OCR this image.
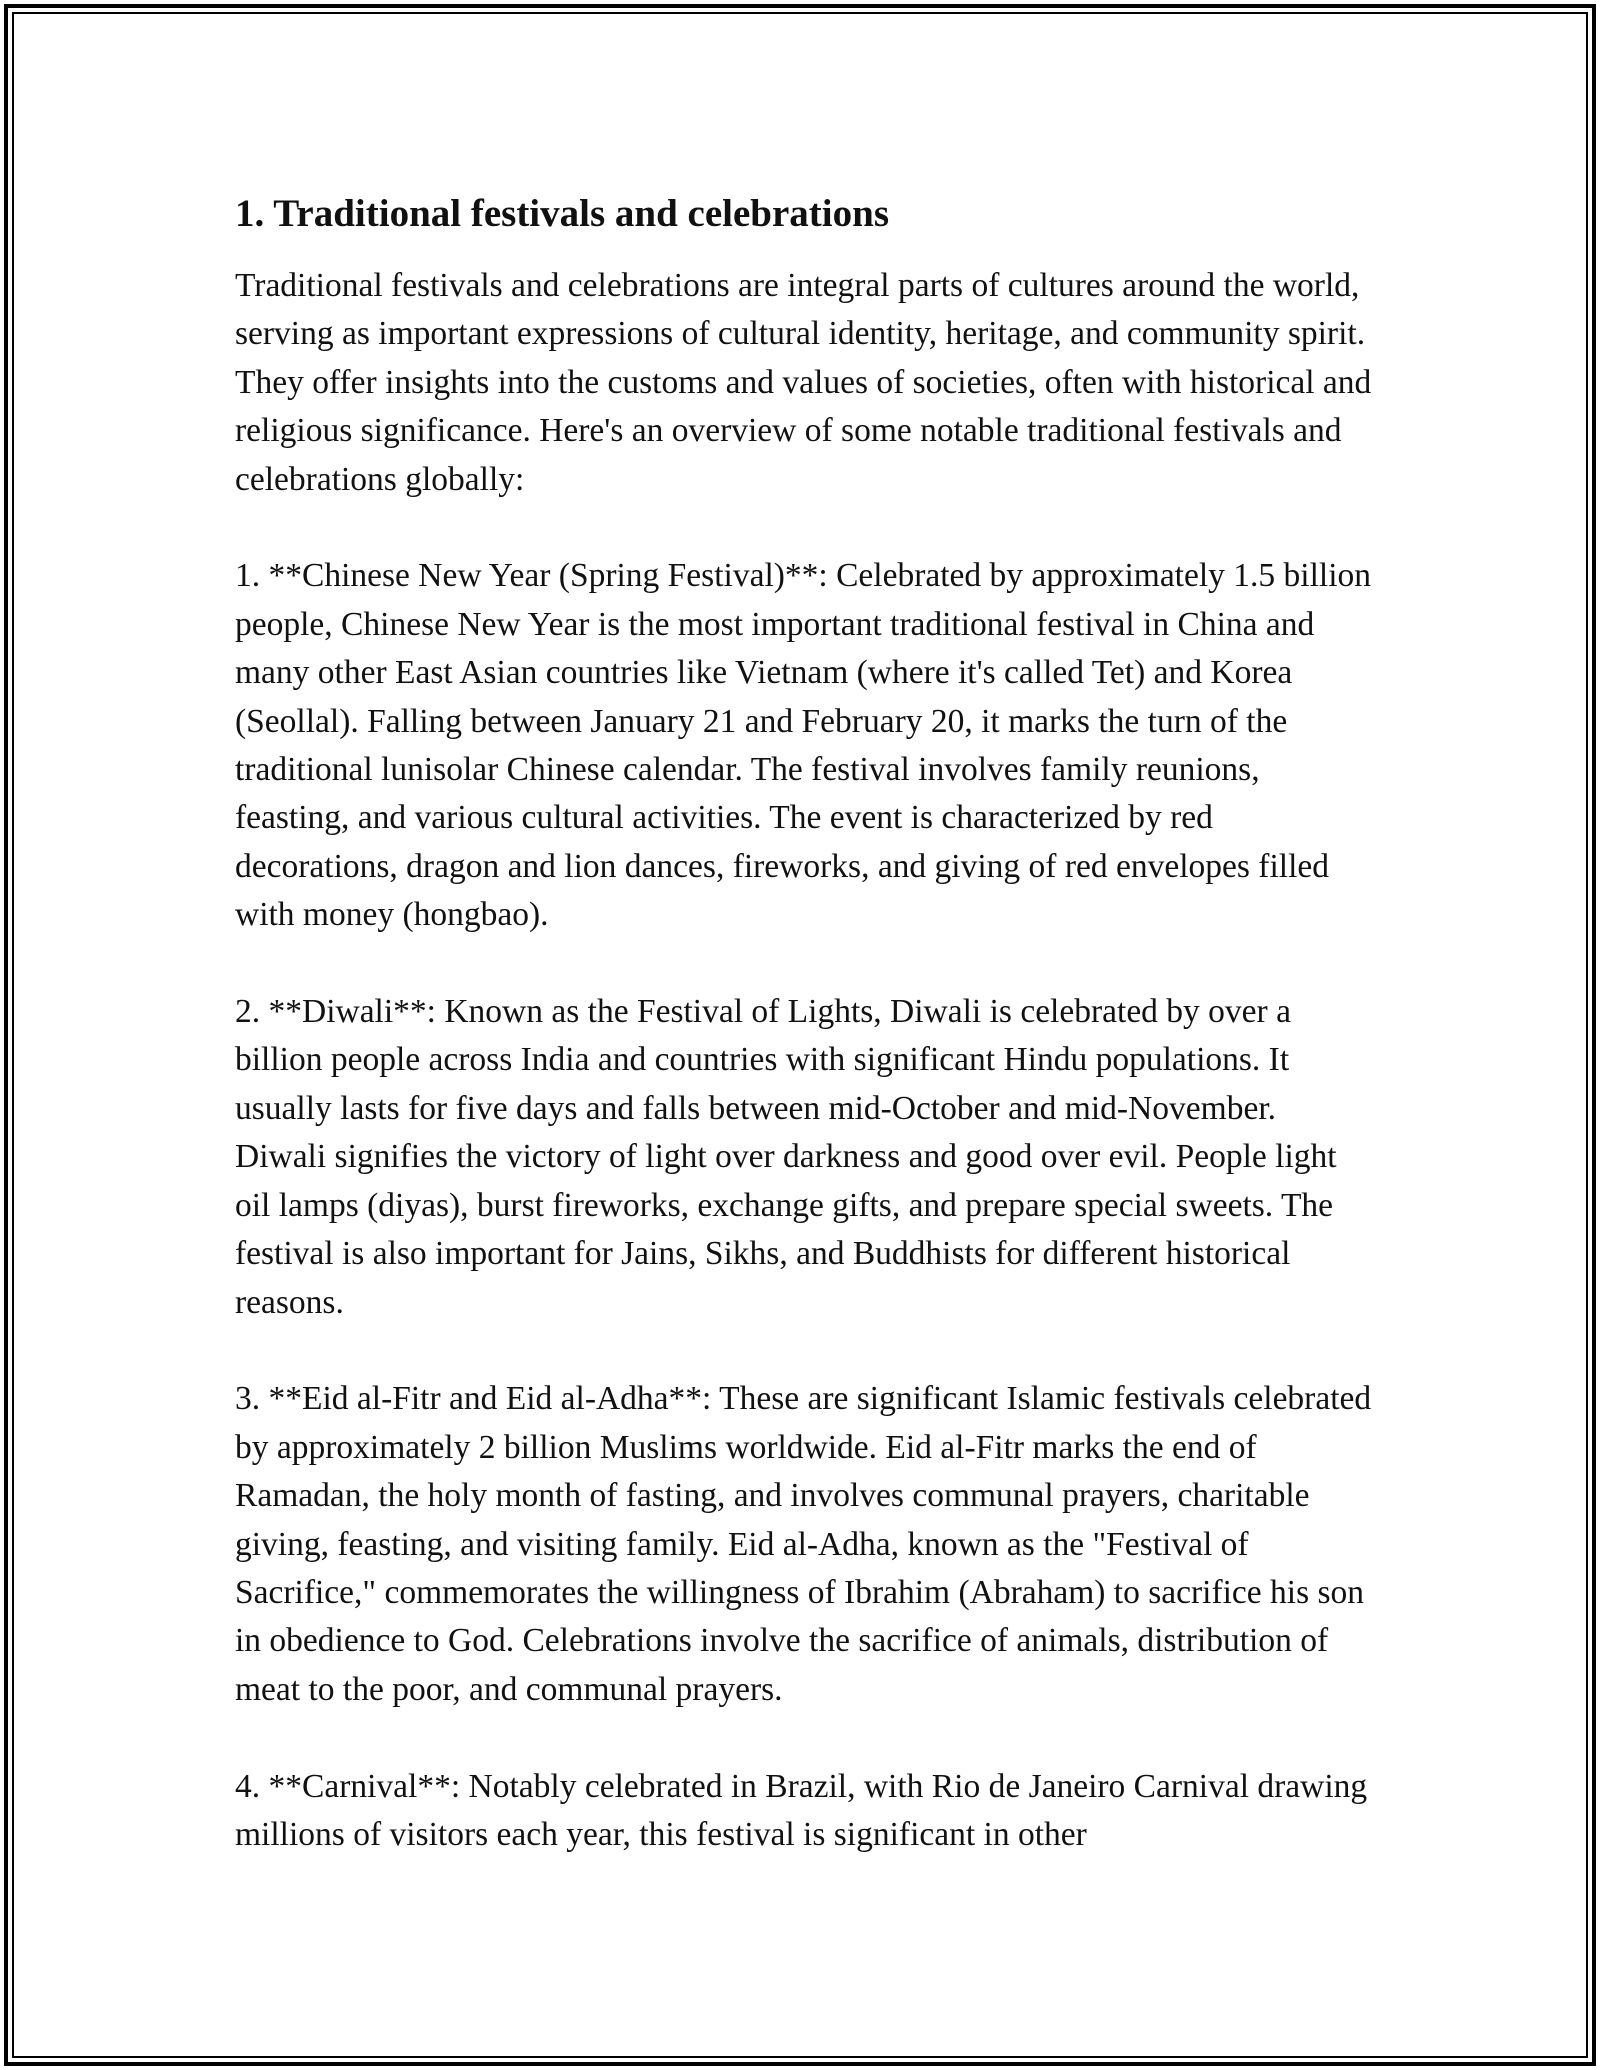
1. Traditional festivals and celebrations

Traditional festivals and celebrations are integral parts of cultures around the world, serving as important expressions of cultural identity, heritage, and community spirit. They offer insights into the customs and values of societies, often with historical and religious significance. Here's an overview of some notable traditional festivals and celebrations globally:

1. **Chinese New Year (Spring Festival)**: Celebrated by approximately 1.5 billion people, Chinese New Year is the most important traditional festival in China and many other East Asian countries like Vietnam (where it's called Tet) and Korea (Seollal). Falling between January 21 and February 20, it marks the turn of the traditional lunisolar Chinese calendar. The festival involves family reunions, feasting, and various cultural activities. The event is characterized by red decorations, dragon and lion dances, fireworks, and giving of red envelopes filled with money (hongbao).

2. **Diwali**: Known as the Festival of Lights, Diwali is celebrated by over a billion people across India and countries with significant Hindu populations. It usually lasts for five days and falls between mid-October and mid-November. Diwali signifies the victory of light over darkness and good over evil. People light oil lamps (diyas), burst fireworks, exchange gifts, and prepare special sweets. The festival is also important for Jains, Sikhs, and Buddhists for different historical reasons.

3. **Eid al-Fitr and Eid al-Adha**: These are significant Islamic festivals celebrated by approximately 2 billion Muslims worldwide. Eid al-Fitr marks the end of Ramadan, the holy month of fasting, and involves communal prayers, charitable giving, feasting, and visiting family. Eid al-Adha, known as the "Festival of Sacrifice," commemorates the willingness of Ibrahim (Abraham) to sacrifice his son in obedience to God. Celebrations involve the sacrifice of animals, distribution of meat to the poor, and communal prayers.

4. **Carnival**: Notably celebrated in Brazil, with Rio de Janeiro Carnival drawing millions of visitors each year, this festival is significant in other
